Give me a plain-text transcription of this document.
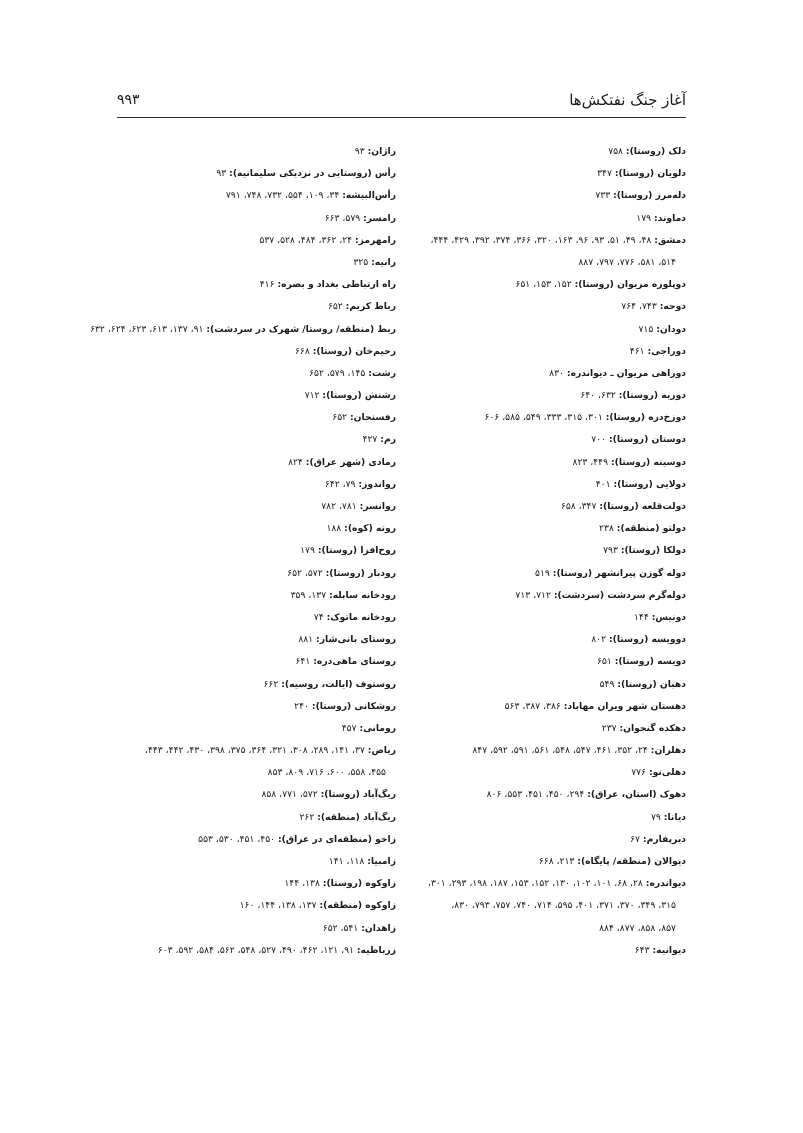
آغاز جنگ نفتکش‌ها
۹۹۳
دلک (روستا): ۷۵۸
دلویان (روستا): ۳۴۷
دله‌مرز (روستا): ۷۳۳
دماوند: ۱۷۹
دمشق: ۴۸، ۴۹، ۵۱، ۹۳، ۹۶، ۱۶۳، ۳۲۰، ۳۶۶، ۳۷۴، ۳۹۲، ۴۲۹، ۴۴۴،
۵۱۴، ۵۸۱، ۷۷۶، ۷۹۷، ۸۸۷
دوپلوره مریوان (روستا): ۱۵۲، ۱۵۳، ۶۵۱
دوحه: ۷۴۳، ۷۶۴
دودان: ۷۱۵
دوراجی: ۴۶۱
دوراهی مریوان ـ دیواندره: ۸۳۰
دوربه (روستا): ۶۳۲، ۶۴۰
دوزخ‌دره (روستا): ۳۰۱، ۳۱۵، ۳۳۳، ۵۴۹، ۵۸۵، ۶۰۶
دوستان (روستا): ۷۰۰
دوسینه (روستا): ۴۴۹، ۸۲۳
دولایی (روستا): ۴۰۱
دولت‌قلعه (روستا): ۳۴۷، ۶۵۸
دولتو (منطقه): ۲۳۸
دولکا (روستا): ۷۹۳
دوله گوزن پیرانشهر (روستا): ۵۱۹
دوله‌گرم سردشت (سردشت): ۷۱۲، ۷۱۳
دونیس: ۱۴۴
دوویسه (روستا): ۸۰۲
دویسه (روستا): ۶۵۱
دهبان (روستا): ۵۴۹
دهستان شهر ویران مهاباد: ۳۸۶، ۳۸۷، ۵۶۳
دهکده گنجوان: ۲۳۷
دهلران: ۲۴، ۳۵۲، ۴۶۱، ۵۴۷، ۵۴۸، ۵۶۱، ۵۹۱، ۵۹۲، ۸۴۷
دهلی‌نو: ۷۷۶
دهوک (استان، عراق): ۲۹۴، ۴۵۰، ۴۵۱، ۵۵۳، ۸۰۶
دیانا: ۷۹
دیرپفارم: ۶۷
دیوالان (منطقه/ پایگاه): ۲۱۳، ۶۶۸
دیواندره: ۲۸، ۶۸، ۱۰۱، ۱۰۲، ۱۳۰، ۱۵۲، ۱۵۳، ۱۸۷، ۱۹۸، ۲۹۳، ۳۰۱،
۳۱۵، ۳۴۹، ۳۷۰، ۳۷۱، ۴۰۱، ۵۹۵، ۷۱۴، ۷۴۰، ۷۵۷، ۷۹۳، ۸۳۰،
۸۵۷، ۸۵۸، ۸۷۷، ۸۸۴
دیوانیه: ۶۴۳
راژان: ۹۳
رأس (روستایی در نزدیکی سلیمانیه): ۹۳
رأس‌البیشه: ۳۴، ۱۰۹، ۵۵۴، ۷۳۲، ۷۴۸، ۷۹۱
رامسر: ۵۷۹، ۶۶۳
رامهرمز: ۲۴، ۳۶۲، ۴۸۴، ۵۲۸، ۵۳۷
رانیه: ۳۲۵
راه ارتباطی بغداد و بصره: ۴۱۶
رباط کریم: ۶۵۲
ربط (منطقه/ روستا/ شهرک در سردشت): ۹۱، ۱۳۷، ۶۱۳، ۶۲۳، ۶۲۴، ۶۳۲
رحیم‌خان (روستا): ۶۶۸
رشت: ۱۴۵، ۵۷۹، ۶۵۲
رشنش (روستا): ۷۱۲
رفسنجان: ۶۵۲
رم: ۴۲۷
رمادی (شهر عراق): ۸۲۴
رواندوز: ۷۹، ۶۴۲
روانسر: ۷۸۱، ۷۸۲
روته (کوه): ۱۸۸
روح‌افزا (روستا): ۱۷۹
رودبار (روستا): ۵۷۲، ۶۵۲
رودخانه سابله: ۱۳۷، ۳۵۹
رودخانه ماتوک: ۷۴
روستای بانی‌شار: ۸۸۱
روستای ماهی‌دره: ۶۴۱
روستوف (ایالت، روسیه): ۶۶۲
روشکانی (روستا): ۲۴۰
رومانی: ۴۵۷
ریاض: ۳۷، ۱۴۱، ۲۸۹، ۳۰۸، ۳۲۱، ۳۶۴، ۳۷۵، ۳۹۸، ۴۳۰، ۴۴۲، ۴۴۳،
۴۵۵، ۵۵۸، ۶۰۰، ۷۱۶، ۸۰۹، ۸۵۳
ریگ‌آباد (روستا): ۵۷۲، ۷۷۱، ۸۵۸
ریگ‌آباد (منطقه): ۲۶۲
زاخو (منطقه‌ای در عراق): ۴۵۰، ۴۵۱، ۵۳۰، ۵۵۳
زامبیا: ۱۱۸، ۱۴۱
زاوکوه (روستا): ۱۳۸، ۱۴۴
زاوکوه (منطقه): ۱۳۷، ۱۳۸، ۱۴۴، ۱۶۰
زاهدان: ۵۴۱، ۶۵۲
زرباطیه: ۹۱، ۱۲۱، ۴۶۲، ۴۹۰، ۵۲۷، ۵۴۸، ۵۶۲، ۵۸۴، ۵۹۲، ۶۰۳
